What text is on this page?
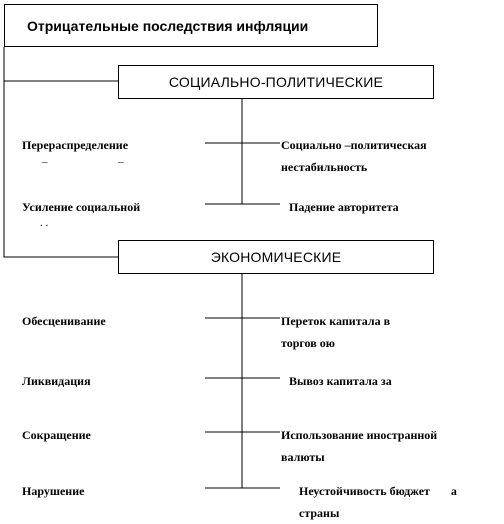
Отрицательные последствия инфляции
СОЦИАЛЬНО-ПОЛИТИЧЕСКИЕ
Перераспределение
–	–
Усиление социальной
. .
Социально –политическая нестабильность
Падение авторитета
ЭКОНОМИЧЕСКИЕ
Обесценивание
Ликвидация
Сокращение
Нарушение
Переток капитала в торгов ою
Вывоз капитала за
Использование иностранной валюты
Неустойчивость бюджет       а страны
